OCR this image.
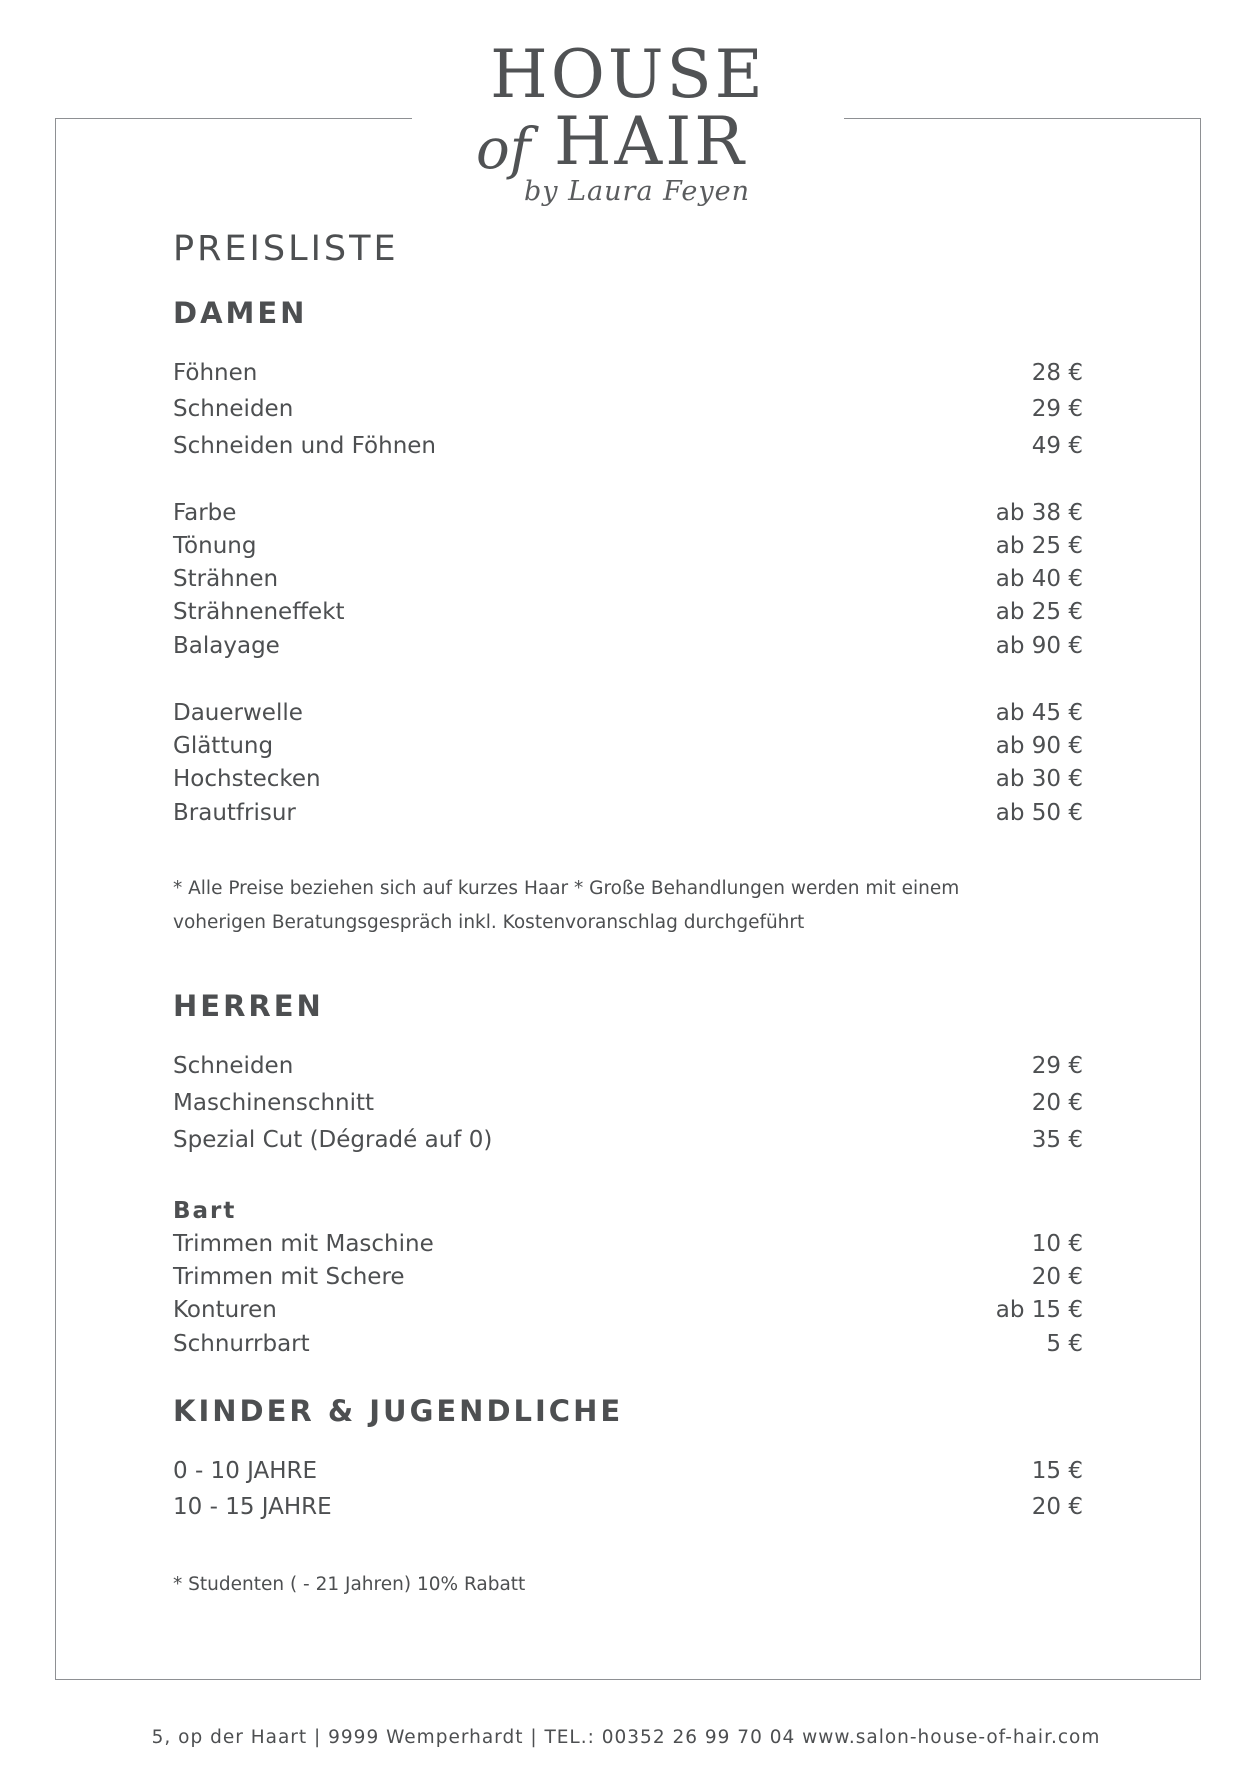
HOUSE
of HAIR
by Laura Feyen
PREISLISTE
DAMEN
Föhnen	28 €
Schneiden	29 €
Schneiden und Föhnen	49 €
Farbe	ab 38 €
Tönung	ab 25 €
Strähnen	ab 40 €
Strähneneffekt	ab 25 €
Balayage	ab 90 €
Dauerwelle	ab 45 €
Glättung	ab 90 €
Hochstecken	ab 30 €
Brautfrisur	ab 50 €
* Alle Preise beziehen sich auf kurzes Haar * Große Behandlungen werden mit einem
voherigen Beratungsgespräch inkl. Kostenvoranschlag durchgeführt
HERREN
Schneiden	29 €
Maschinenschnitt	20 €
Spezial Cut (Dégradé auf 0)	35 €
Bart
Trimmen mit Maschine	10 €
Trimmen mit Schere	20 €
Konturen	ab 15 €
Schnurrbart	5 €
KINDER & JUGENDLICHE
0 - 10 JAHRE	15 €
10 - 15 JAHRE	20 €
* Studenten ( - 21 Jahren) 10% Rabatt
5, op der Haart | 9999 Wemperhardt | TEL.: 00352 26 99 70 04 www.salon-house-of-hair.com
